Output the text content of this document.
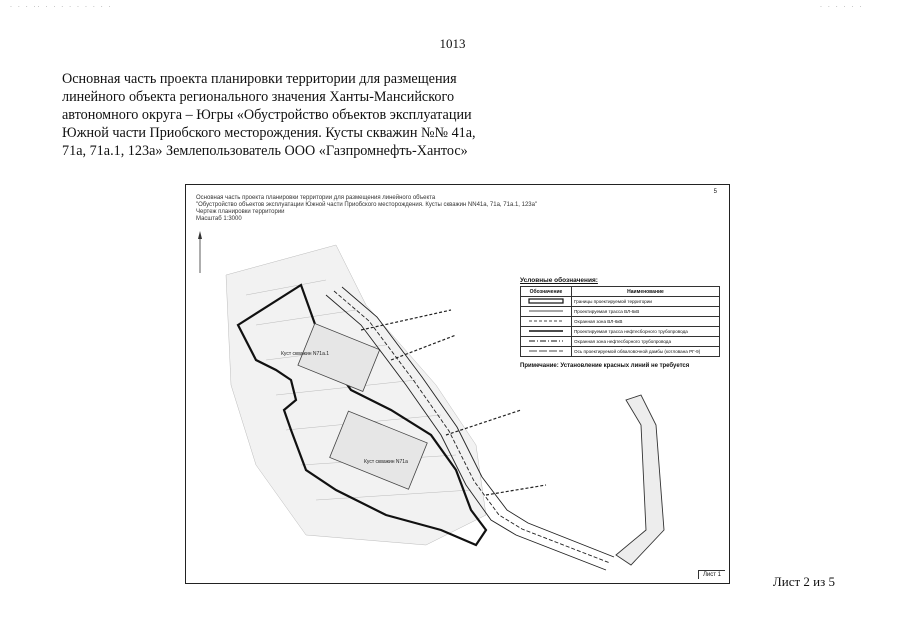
. . . .. . . . . . . . . .	. . . . . .
1013
Основная часть проекта планировки территории для размещения линейного объекта регионального значения Ханты-Мансийского автономного округа – Югры «Обустройство объектов эксплуатации Южной части Приобского месторождения. Кусты скважин №№ 41а, 71а, 71а.1, 123а» Землепользователь ООО «Газпромнефть-Хантос»
5
Основная часть проекта планировки территории для размещения линейного объекта
"Обустройство объектов эксплуатации Южной части Приобского месторождения. Кусты скважин NN41а, 71а, 71а.1, 123а"
Чертеж планировки территории
Масштаб 1:3000
Куст скважин N71а.1
Куст скважин N71а
Условные обозначения:
Обозначение	Наименование
	Границы проектируемой территории
	Проектируемая трасса ВЛ-6кВ
	Охранная зона ВЛ-6кВ
	Проектируемая трасса нефтесборного трубопровода
	Охранная зона нефтесборного трубопровода
	Ось проектируемой обваловочной дамбы (котлована РГ-9)
Примечание: Установление красных линий не требуется
Лист 1	Лист 2 из 5
